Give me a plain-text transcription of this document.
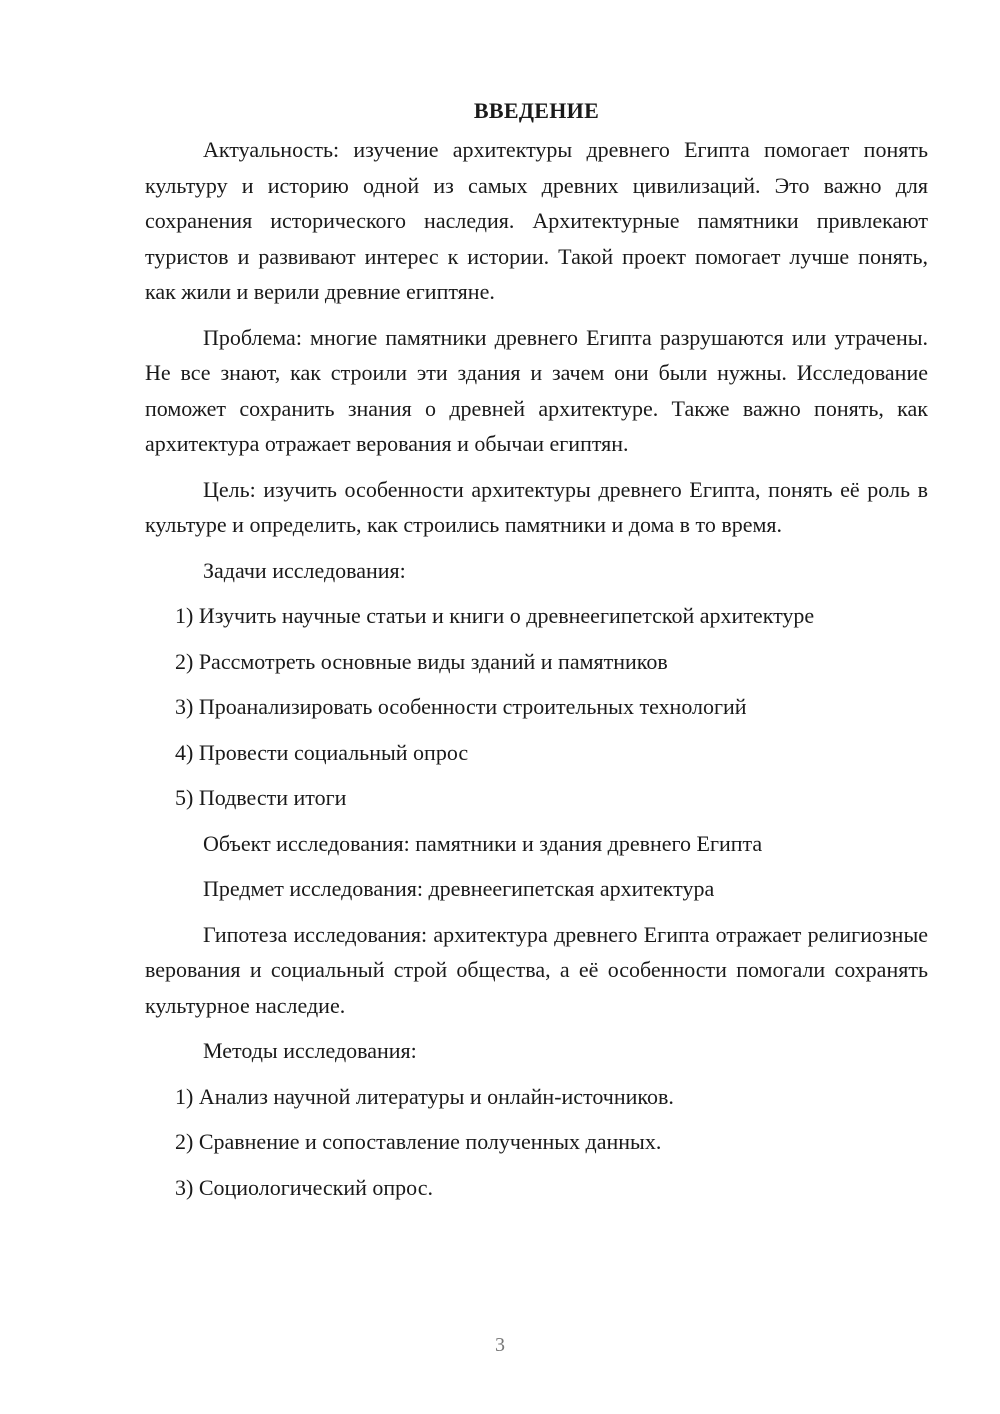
ВВЕДЕНИЕ

Актуальность: изучение архитектуры древнего Египта помогает понять культуру и историю одной из самых древних цивилизаций. Это важно для сохранения исторического наследия. Архитектурные памятники привлекают туристов и развивают интерес к истории. Такой проект помогает лучше понять, как жили и верили древние египтяне.

Проблема: многие памятники древнего Египта разрушаются или утрачены. Не все знают, как строили эти здания и зачем они были нужны. Исследование поможет сохранить знания о древней архитектуре. Также важно понять, как архитектура отражает верования и обычаи египтян.

Цель: изучить особенности архитектуры древнего Египта, понять её роль в культуре и определить, как строились памятники и дома в то время.

Задачи исследования:
1) Изучить научные статьи и книги о древнеегипетской архитектуре
2) Рассмотреть основные виды зданий и памятников
3) Проанализировать особенности строительных технологий
4) Провести социальный опрос
5) Подвести итоги
Объект исследования: памятники и здания древнего Египта
Предмет исследования: древнеегипетская архитектура

Гипотеза исследования: архитектура древнего Египта отражает религиозные верования и социальный строй общества, а её особенности помогали сохранять культурное наследие.

Методы исследования:
1) Анализ научной литературы и онлайн-источников.
2) Сравнение и сопоставление полученных данных.
3) Социологический опрос.
3
